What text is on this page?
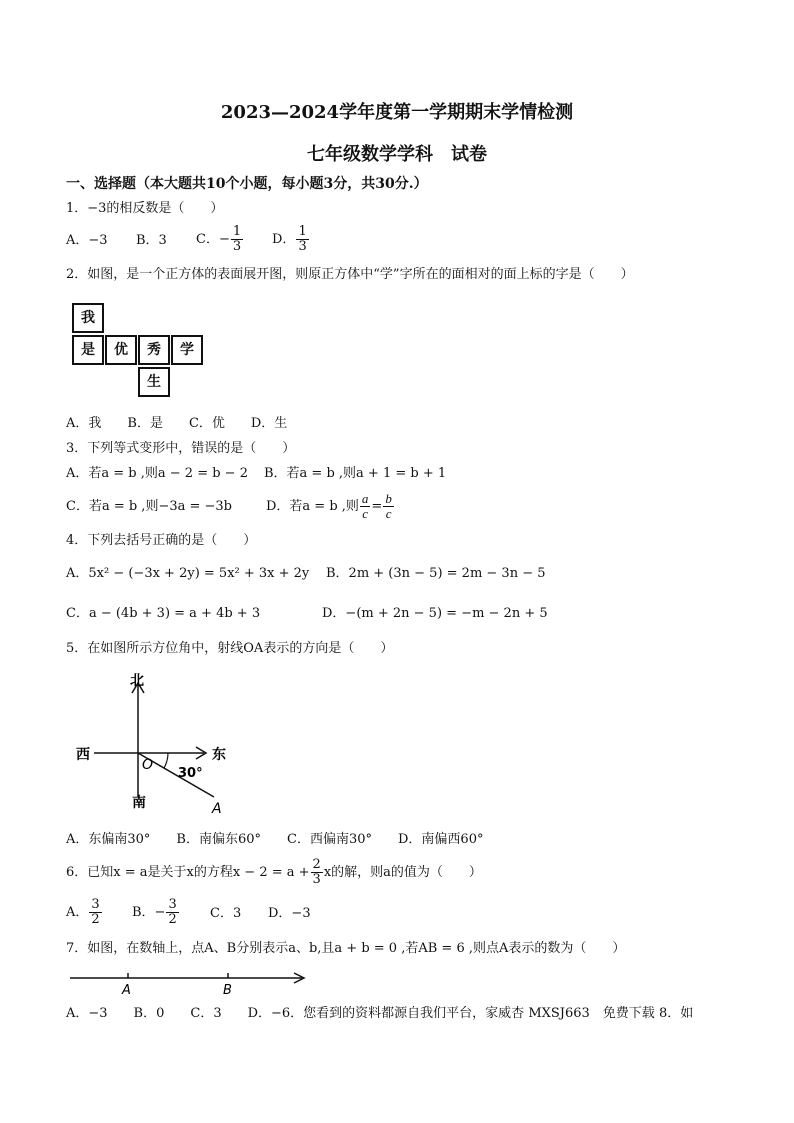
2023—2024学年度第一学期期末学情检测
七年级数学学科　试卷
一、选择题（本大题共10个小题，每小题3分，共30分.）
1．−3的相反数是（　　）
A．−3 B．3 C．− $\frac{1}{3}$ D． $\frac{1}{3}$
2．如图，是一个正方体的表面展开图，则原正方体中“学”字所在的面相对的面上标的字是（　　）
我
是	优	秀	学
生
A．我　　B．是　　C．优　　D．生
3．下列等式变形中，错误的是（　　）
A．若a = b ,则a − 2 = b − 2 B．若a = b ,则a + 1 = b + 1
C．若a = b ,则−3a = −3b	D．若a = b ,则 $\frac{a}{c} = \frac{b}{c}$
4．下列去括号正确的是（　　）
A．5x² − (−3x + 2y) = 5x² + 3x + 2y B．2m + (3n − 5) = 2m − 3n − 5
C．a − (4b + 3) = a + 4b + 3	D．−(m + 2n − 5) = −m − 2n + 5
5．在如图所示方位角中，射线OA表示的方向是（　　）
北
西	东
南
O
30°
A
A．东偏南30°　　B．南偏东60°　　C．西偏南30°　　D．南偏西60°
6．已知x = a是关于x的方程$x - 2 = a + \frac{2}{3}$ x的解，则a的值为（　　）
A． $\frac{3}{2}$ B．− $\frac{3}{2}$ C．3 D．−3
7．如图，在数轴上，点A、B分别表示a、b,且a + b = 0 ,若AB = 6 ,则点A表示的数为（　　）
A	B
A．−3　　B．0　　C．3　　D．−6．您看到的资料都源自我们平台，家威杏 MXSJ663　免费下载 8．如
